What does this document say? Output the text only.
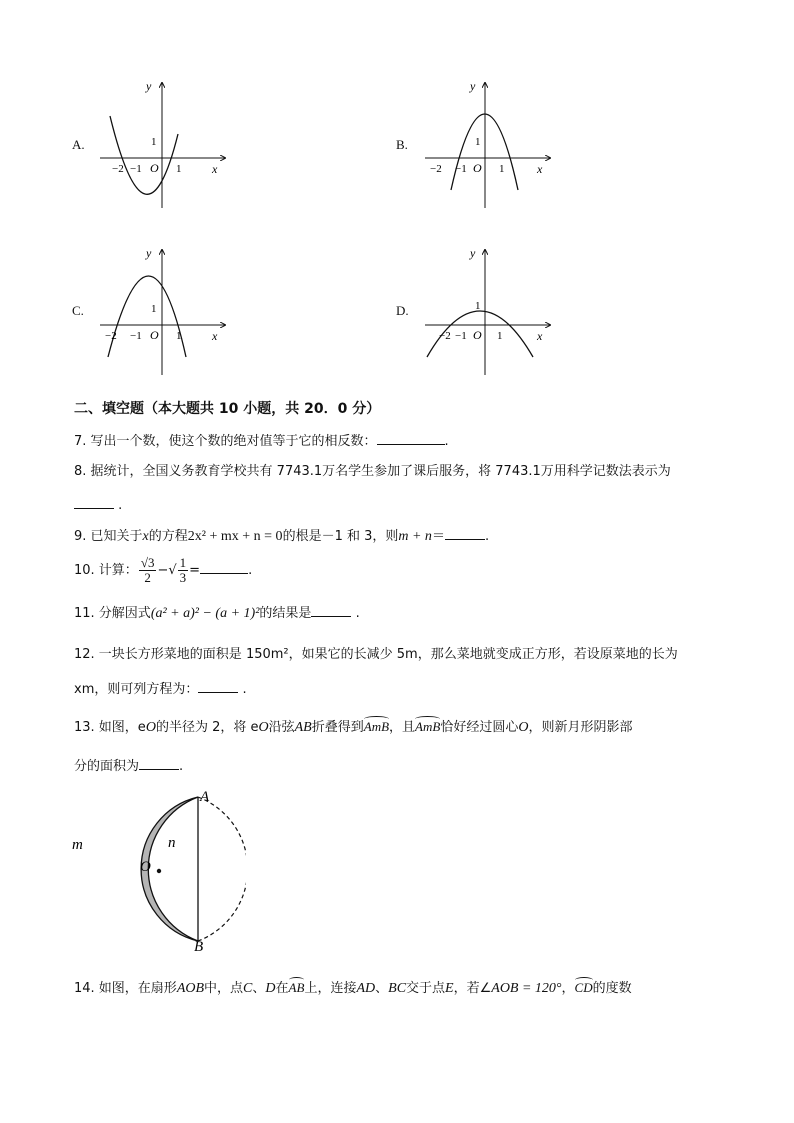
A.	B.
C.	D.
y
x
O
1
1
−1
−2
y
x
O
1
1
−1
−2
y
x
O
1
1
−1
−2
y
x
O
1
1
−1
−2
二、填空题（本大题共 10 小题，共 20．0 分）
7. 写出一个数，使这个数的绝对值等于它的相反数：	.
8. 据统计，全国义务教育学校共有 7743.1万名学生参加了课后服务，将 7743.1万用科学记数法表示为
.
9. 已知关于x的方程2x² + mx + n = 0的根是－1 和 3，则m + n＝	.
10. 计算： $\frac{√3}{2}$ −√ $\frac{1}{3}$ =	.
11. 分解因式(a² + a)² − (a + 1)²的结果是	.
12. 一块长方形菜地的面积是 150m²，如果它的长减少 5m，那么菜地就变成正方形，若设原菜地的长为
xm，则可列方程为：	.
13. 如图，eO的半径为 2，将 eO沿弦AB折叠得到AmB，且AmB恰好经过圆心O，则新月形阴影部
分的面积为	.
A
B
O
m	n
14. 如图，在扇形AOB中，点C、D在AB上，连接AD、BC交于点E，若∠AOB = 120°，CD的度数
